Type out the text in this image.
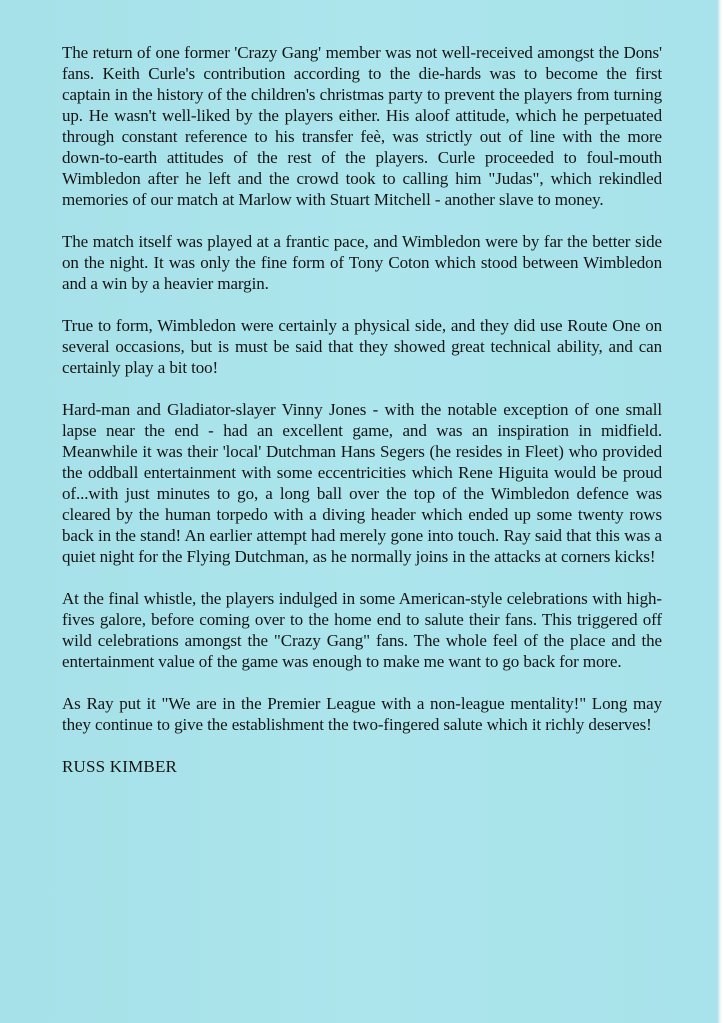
The return of one former 'Crazy Gang' member was not well-received amongst the Dons' fans. Keith Curle's contribution according to the die-hards was to become the first captain in the history of the children's christmas party to prevent the players from turning up. He wasn't well-liked by the players either. His aloof attitude, which he perpetuated through constant reference to his transfer feè, was strictly out of line with the more down-to-earth attitudes of the rest of the players. Curle proceeded to foul-mouth Wimbledon after he left and the crowd took to calling him "Judas", which rekindled memories of our match at Marlow with Stuart Mitchell - another slave to money.

The match itself was played at a frantic pace, and Wimbledon were by far the better side on the night. It was only the fine form of Tony Coton which stood between Wimbledon and a win by a heavier margin.

True to form, Wimbledon were certainly a physical side, and they did use Route One on several occasions, but is must be said that they showed great technical ability, and can certainly play a bit too!

Hard-man and Gladiator-slayer Vinny Jones - with the notable exception of one small lapse near the end - had an excellent game, and was an inspiration in midfield. Meanwhile it was their 'local' Dutchman Hans Segers (he resides in Fleet) who provided the oddball entertainment with some eccentricities which Rene Higuita would be proud of...with just minutes to go, a long ball over the top of the Wimbledon defence was cleared by the human torpedo with a diving header which ended up some twenty rows back in the stand! An earlier attempt had merely gone into touch. Ray said that this was a quiet night for the Flying Dutchman, as he normally joins in the attacks at corners kicks!

At the final whistle, the players indulged in some American-style celebrations with high-fives galore, before coming over to the home end to salute their fans. This triggered off wild celebrations amongst the "Crazy Gang" fans. The whole feel of the place and the entertainment value of the game was enough to make me want to go back for more.

As Ray put it "We are in the Premier League with a non-league mentality!" Long may they continue to give the establishment the two-fingered salute which it richly deserves!

RUSS KIMBER
